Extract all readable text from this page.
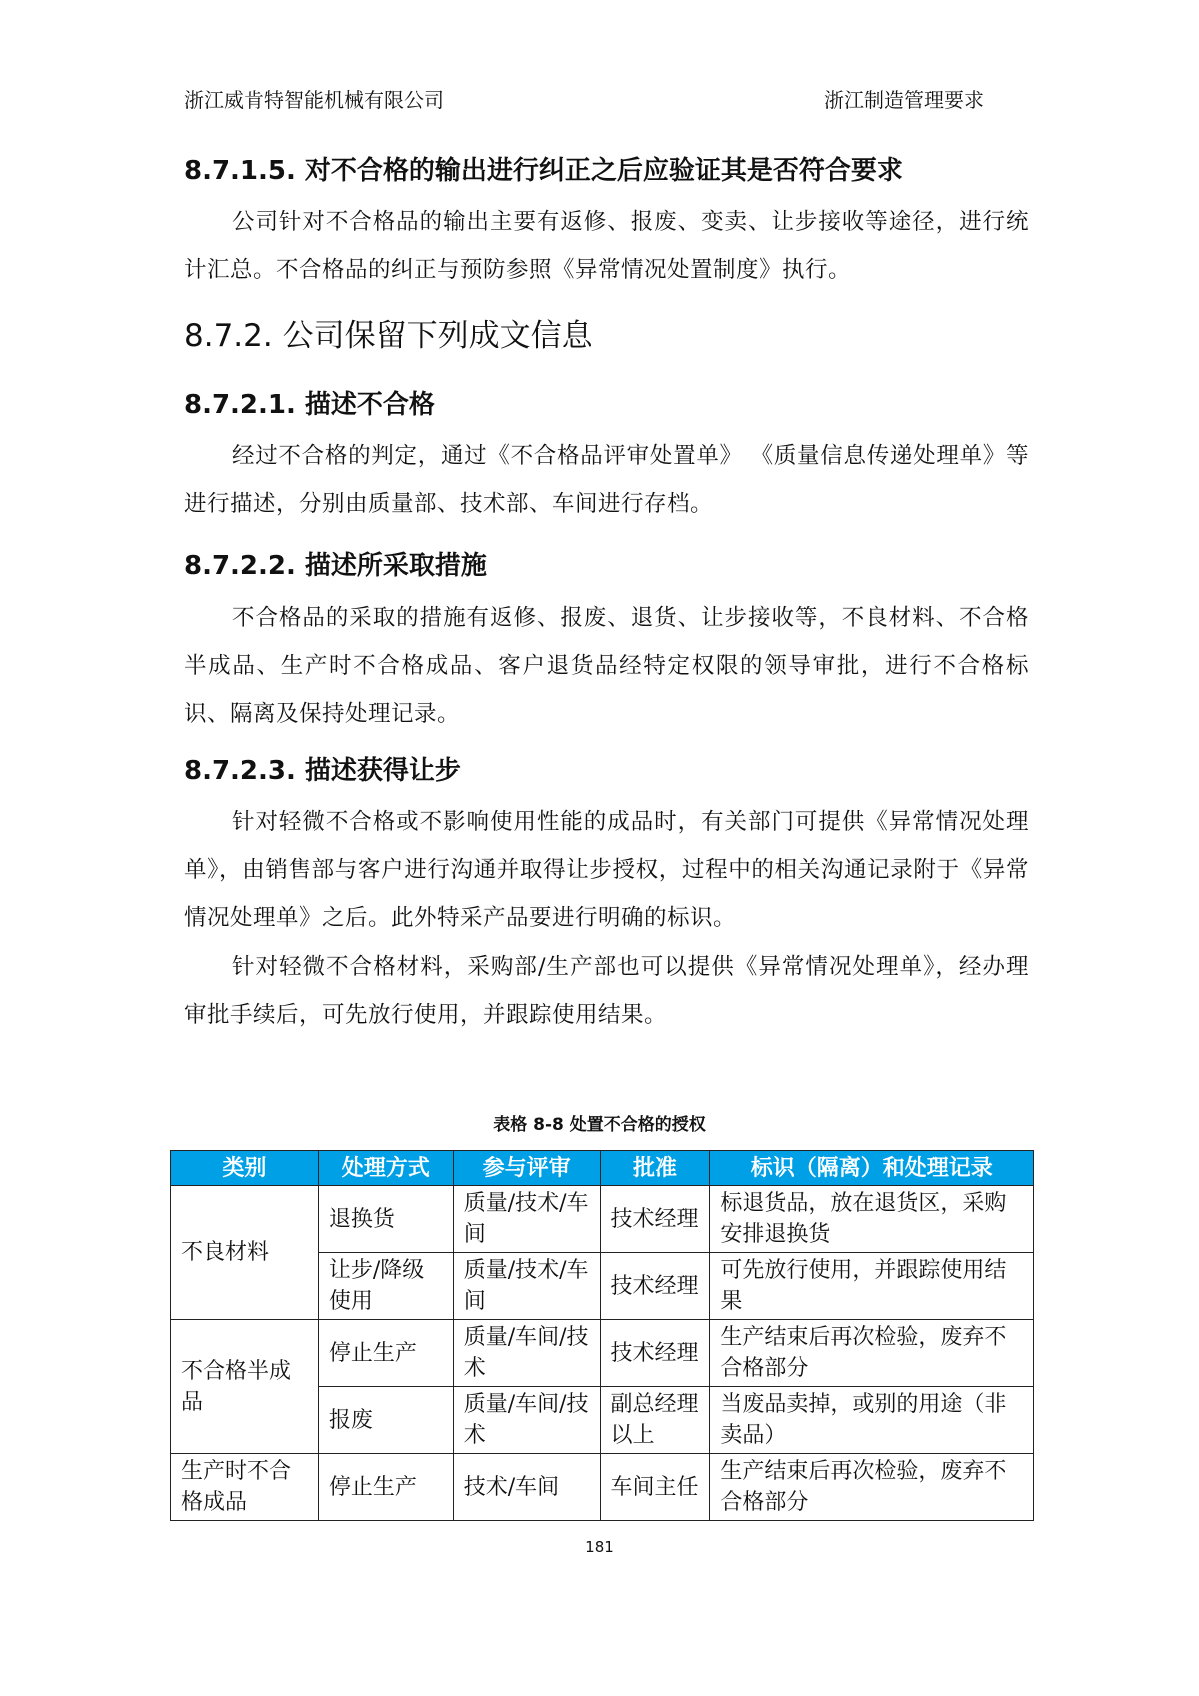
浙江威肯特智能机械有限公司	浙江制造管理要求
8.7.1.5. 对不合格的输出进行纠正之后应验证其是否符合要求

公司针对不合格品的输出主要有返修、报废、变卖、让步接收等途径，进行统计汇总。不合格品的纠正与预防参照《异常情况处置制度》执行。

8.7.2. 公司保留下列成文信息
8.7.2.1. 描述不合格

经过不合格的判定，通过《不合格品评审处置单》 《质量信息传递处理单》等进行描述，分别由质量部、技术部、车间进行存档。

8.7.2.2. 描述所采取措施

不合格品的采取的措施有返修、报废、退货、让步接收等，不良材料、不合格半成品、生产时不合格成品、客户退货品经特定权限的领导审批，进行不合格标识、隔离及保持处理记录。

8.7.2.3. 描述获得让步

针对轻微不合格或不影响使用性能的成品时，有关部门可提供《异常情况处理单》，由销售部与客户进行沟通并取得让步授权，过程中的相关沟通记录附于《异常情况处理单》之后。此外特采产品要进行明确的标识。

针对轻微不合格材料，采购部/生产部也可以提供《异常情况处理单》，经办理审批手续后，可先放行使用，并跟踪使用结果。

表格 8-8 处置不合格的授权
类别	处理方式	参与评审	批准	标识（隔离）和处理记录
不良材料	退换货	质量/技术/车间	技术经理	标退货品，放在退货区，采购安排退换货
	让步/降级使用	质量/技术/车间	技术经理	可先放行使用，并跟踪使用结果
不合格半成品	停止生产	质量/车间/技术	技术经理	生产结束后再次检验，废弃不合格部分
	报废	质量/车间/技术	副总经理以上	当废品卖掉，或别的用途（非卖品）
生产时不合格成品	停止生产	技术/车间	车间主任	生产结束后再次检验，废弃不合格部分
181
